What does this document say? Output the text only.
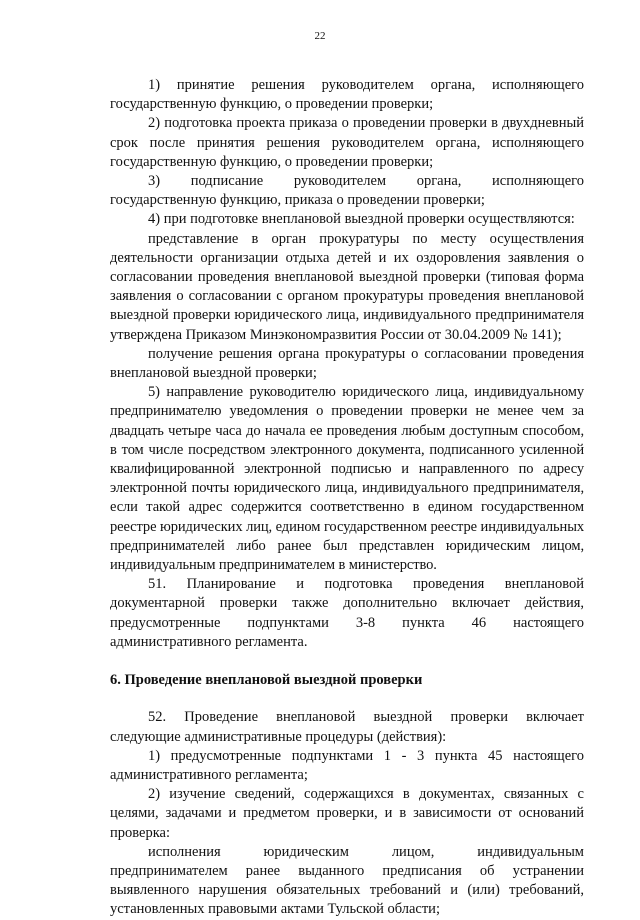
22

1) принятие решения руководителем органа, исполняющего государственную функцию, о проведении проверки;

2) подготовка проекта приказа о проведении проверки в двухдневный срок после принятия решения руководителем органа, исполняющего государственную функцию, о проведении проверки;

3) подписание руководителем органа, исполняющего государственную функцию, приказа о проведении проверки;

4) при подготовке внеплановой выездной проверки осуществляются:

представление в орган прокуратуры по месту осуществления деятельности организации отдыха детей и их оздоровления заявления о согласовании проведения внеплановой выездной проверки (типовая форма заявления о согласовании с органом прокуратуры проведения внеплановой выездной проверки юридического лица, индивидуального предпринимателя утверждена Приказом Минэкономразвития России от 30.04.2009 № 141);

получение решения органа прокуратуры о согласовании проведения внеплановой выездной проверки;

5) направление руководителю юридического лица, индивидуальному предпринимателю уведомления о проведении проверки не менее чем за двадцать четыре часа до начала ее проведения любым доступным способом, в том числе посредством электронного документа, подписанного усиленной квалифицированной электронной подписью и направленного по адресу электронной почты юридического лица, индивидуального предпринимателя, если такой адрес содержится соответственно в едином государственном реестре юридических лиц, едином государственном реестре индивидуальных предпринимателей либо ранее был представлен юридическим лицом, индивидуальным предпринимателем в министерство.

51. Планирование и подготовка проведения внеплановой документарной проверки также дополнительно включает действия, предусмотренные подпунктами 3-8 пункта 46 настоящего административного регламента.

6. Проведение внеплановой выездной проверки

52. Проведение внеплановой выездной проверки включает следующие административные процедуры (действия):

1) предусмотренные подпунктами 1 - 3 пункта 45 настоящего административного регламента;

2) изучение сведений, содержащихся в документах, связанных с целями, задачами и предметом проверки, и в зависимости от оснований проверка:

исполнения юридическим лицом, индивидуальным предпринимателем ранее выданного предписания об устранении выявленного нарушения обязательных требований и (или) требований, установленных правовыми актами Тульской области;
